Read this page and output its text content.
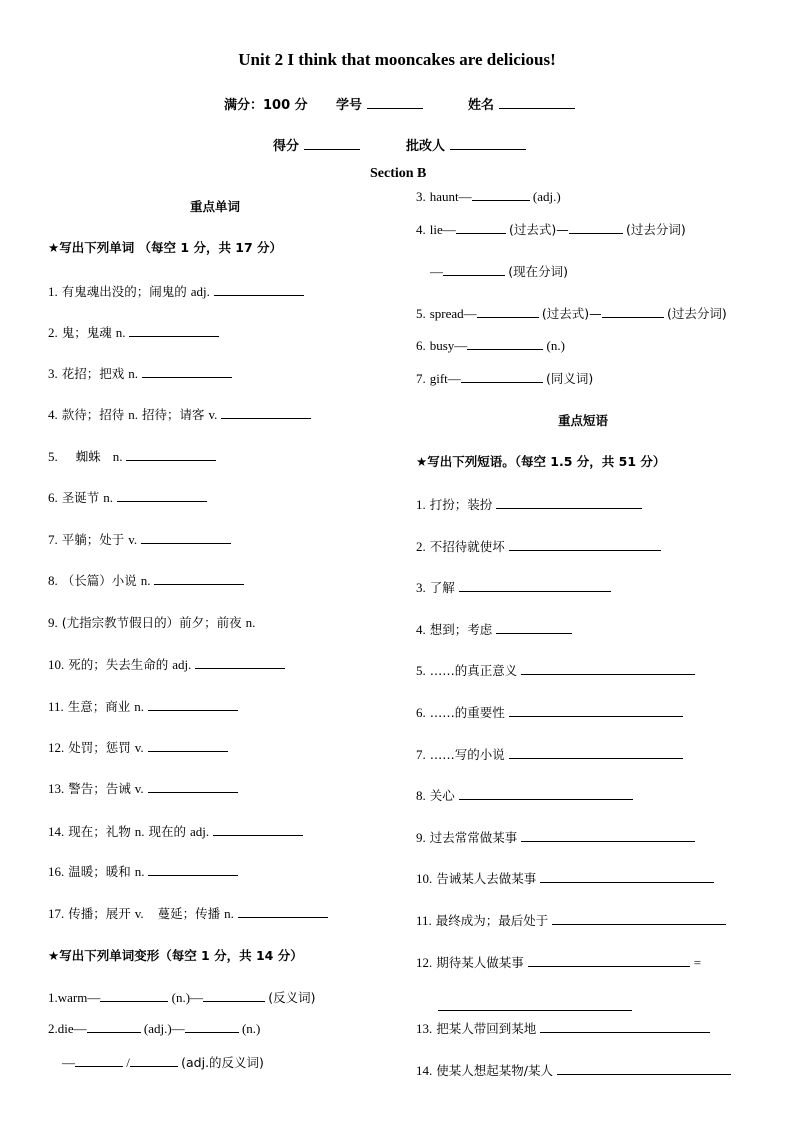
Unit 2 I think that mooncakes are delicious!
满分：100 分 学号	姓名
得分	批改人
Section B
重点单词
★写出下列单词 （每空 1 分，共 17 分）
1. 有鬼魂出没的；闹鬼的 adj.
2. 鬼；鬼魂 n.
3. 花招；把戏 n.
4. 款待；招待 n. 招待；请客 v.
5. 蜘蛛 n.
6. 圣诞节 n.
7. 平躺；处于 v.
8. （长篇）小说 n.
9. (尤指宗教节假日的）前夕；前夜 n.
10. 死的；失去生命的 adj.
11. 生意；商业 n.
12. 处罚；惩罚 v.
13. 警告；告诫 v.
14. 现在；礼物 n. 现在的 adj.
16. 温暖；暖和 n.
17. 传播；展开 v. 蔓延；传播 n.
★写出下列单词变形（每空 1 分，共 14 分）
1.warm—	(n.)—	(反义词)
2.die—	(adj.)—	(n.)
—	/	(adj.的反义词)
3. haunt—	(adj.)
4. lie—	(过去式)—	(过去分词)
—	(现在分词)
5. spread—	(过去式)—	(过去分词)
6. busy—	(n.)
7. gift—	(同义词)
重点短语
★写出下列短语。（每空 1.5 分，共 51 分）
1. 打扮；装扮
2. 不招待就使坏
3. 了解
4. 想到；考虑
5. ……的真正意义
6. ……的重要性
7. ……写的小说
8. 关心
9. 过去常常做某事
10. 告诫某人去做某事
11. 最终成为；最后处于
12. 期待某人做某事	=
13. 把某人带回到某地
14. 使某人想起某物/某人
